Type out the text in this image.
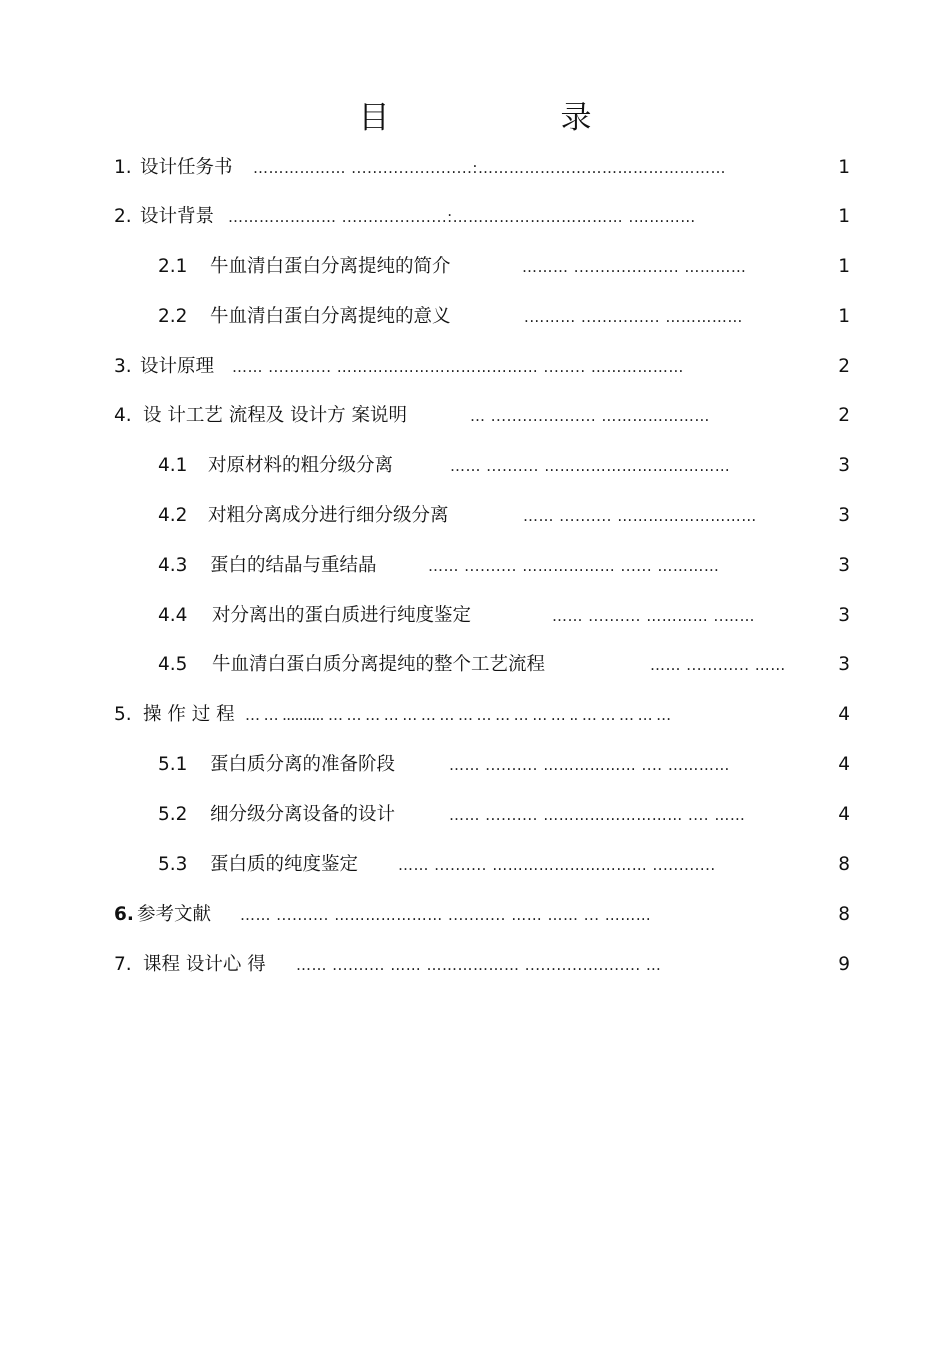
目　录
1. 设计任务书 ……………… .......................:…………………………………………	1
2. 设计背景 ………………… ....................:…………………………… .…………	1
2.1 牛血清白蛋白分离提纯的简介	……… .................... …………	1
2.2 牛血清白蛋白分离提纯的意义	.……… ............... ……………	1
3. 设计原理 …… ............ ………………………………… ........ ………………	2
4. 设 计工艺 流程及 设计方 案说明	… .................... …………………	2
4.1 对原材料的粗分级分离	…… .......... ………………………………	3
4.2 对粗分离成分进行细分级分离	…… .......... ………………………	3
4.3 蛋白的结晶与重结晶	…… .......... ……………… ...... …………	3
4.4 对分离出的蛋白质进行纯度鉴定	…… .......... ………… ..……	3
4.5 牛血清白蛋白质分离提纯的整个工艺流程	…… ............ ……	3
5. 操 作 过 程 … … .......... … … … … … … … … … … … … … .. … … … … …	4
5.1 蛋白质分离的准备阶段	…… .......... ……………… .... …………	4
5.2 细分级分离设备的设计	…… .......... ……………………… .... ……	4
5.3 蛋白质的纯度鉴定	…… .......... ………………………… ............	8
6. 参考文献 …… .......... ………………… ........... …… …… ... ………	8
7. 课程 设计心 得 …… .......... …… ……………… ...................... …	9
